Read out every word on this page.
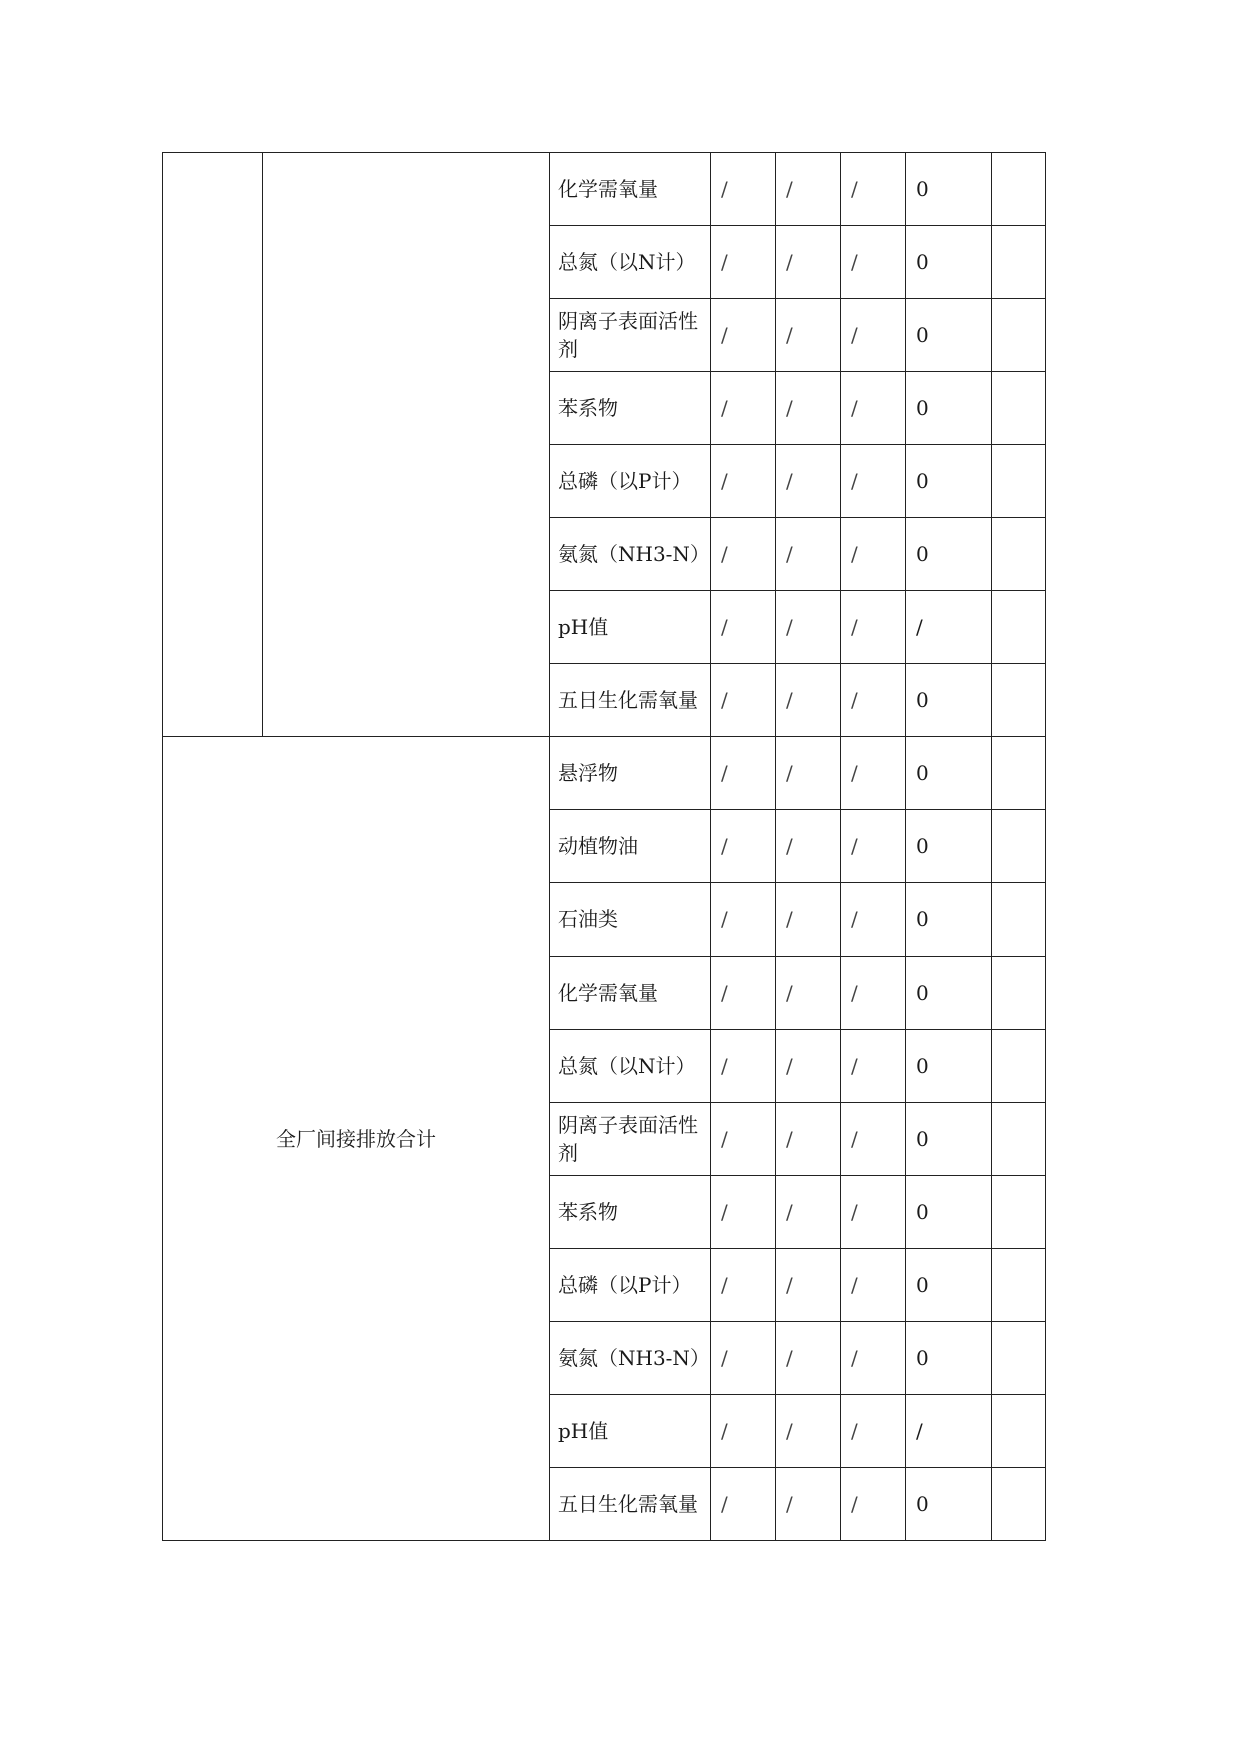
		化学需氧量	/	/	/	0	
		总氮（以N计）	/	/	/	0	
		阴离子表面活性剂	/	/	/	0	
		苯系物	/	/	/	0	
		总磷（以P计）	/	/	/	0	
		氨氮（NH3-N）	/	/	/	0	
		pH值	/	/	/	/	
		五日生化需氧量	/	/	/	0	
全厂间接排放合计		悬浮物	/	/	/	0	
		动植物油	/	/	/	0	
		石油类	/	/	/	0	
		化学需氧量	/	/	/	0	
		总氮（以N计）	/	/	/	0	
		阴离子表面活性剂	/	/	/	0	
		苯系物	/	/	/	0	
		总磷（以P计）	/	/	/	0	
		氨氮（NH3-N）	/	/	/	0	
		pH值	/	/	/	/	
		五日生化需氧量	/	/	/	0	
